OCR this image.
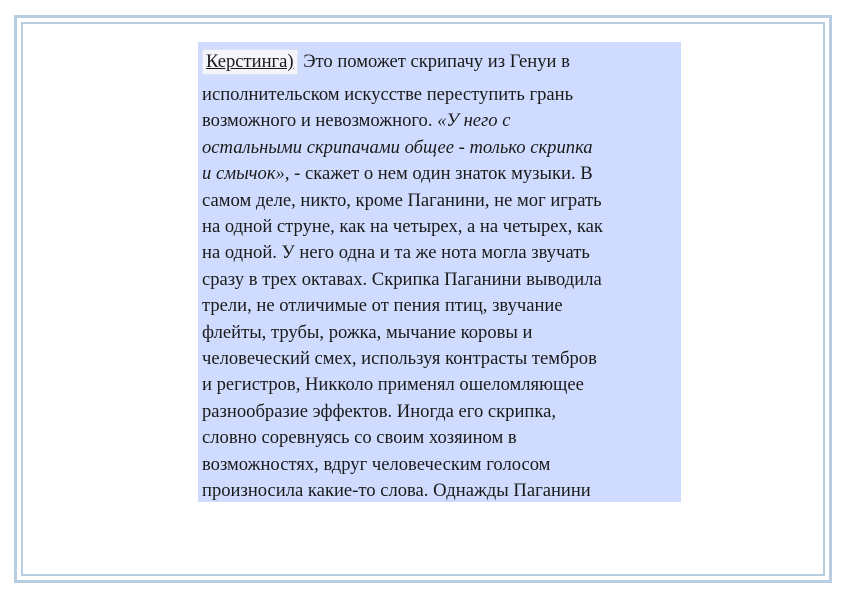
Керстинга) Это поможет скрипачу из Генуи в
исполнительском искусстве переступить грань
возможного и невозможного. «У него с
остальными скрипачами общее - только скрипка
и смычок», - скажет о нем один знаток музыки. В
самом деле, никто, кроме Паганини, не мог играть
на одной струне, как на четырех, а на четырех, как
на одной. У него одна и та же нота могла звучать
сразу в трех октавах. Скрипка Паганини выводила
трели, не отличимые от пения птиц, звучание
флейты, трубы, рожка, мычание коровы и
человеческий смех, используя контрасты тембров
и регистров, Никколо применял ошеломляющее
разнообразие эффектов. Иногда его скрипка,
словно соревнуясь со своим хозяином в
возможностях, вдруг человеческим голосом
произносила какие-то слова. Однажды Паганини
